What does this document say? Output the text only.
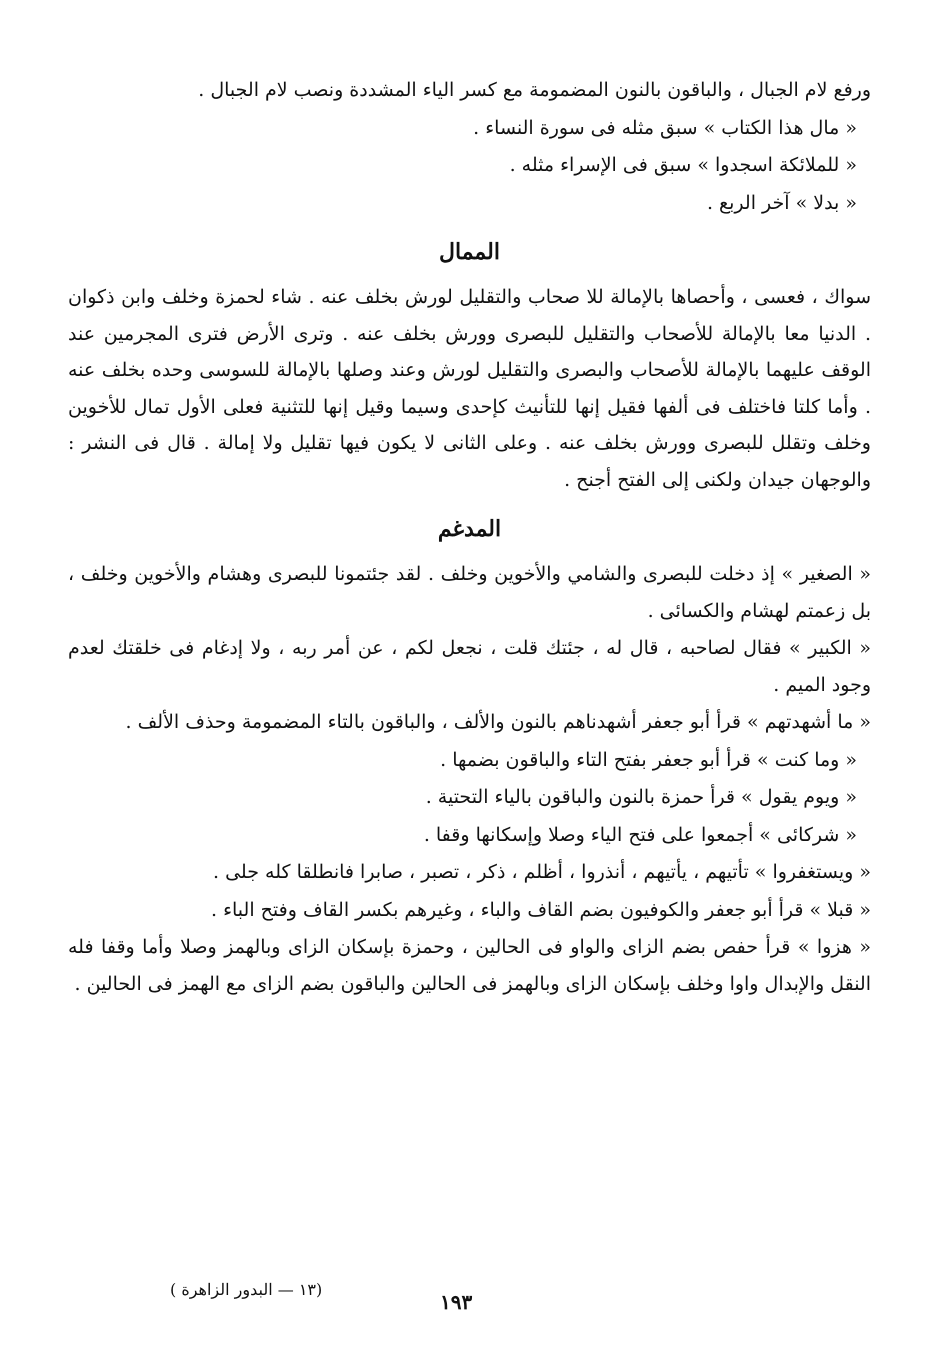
ورفع لام الجبال ، والباقون بالنون المضمومة مع كسر الياء المشددة ونصب لام الجبال .

« مال هذا الكتاب » سبق مثله فى سورة النساء .

« للملائكة اسجدوا » سبق فى الإسراء مثله .

« بدلا » آخر الربع .

الممال

سواك ، فعسى ، وأحصاها بالإمالة للا صحاب والتقليل لورش بخلف عنه . شاء لحمزة وخلف وابن ذكوان . الدنيا معا بالإمالة للأصحاب والتقليل للبصرى وورش بخلف عنه . وترى الأرض فترى المجرمين عند الوقف عليهما بالإمالة للأصحاب والبصرى والتقليل لورش وعند وصلها بالإمالة للسوسى وحده بخلف عنه . وأما كلتا فاختلف فى ألفها فقيل إنها للتأنيث كإحدى وسيما وقيل إنها للتثنية فعلى الأول تمال للأخوين وخلف وتقلل للبصرى وورش بخلف عنه . وعلى الثانى لا يكون فيها تقليل ولا إمالة . قال فى النشر : والوجهان جيدان ولكنى إلى الفتح أجنح .

المدغم

« الصغير » إذ دخلت للبصرى والشامي والأخوين وخلف . لقد جئتمونا للبصرى وهشام والأخوين وخلف ، بل زعمتم لهشام والكسائى .

« الكبير » فقال لصاحبه ، قال له ، جئتك قلت ، نجعل لكم ، عن أمر ربه ، ولا إدغام فى خلقتك لعدم وجود الميم .

« ما أشهدتهم » قرأ أبو جعفر أشهدناهم بالنون والألف ، والباقون بالتاء المضمومة وحذف الألف .

« وما كنت » قرأ أبو جعفر بفتح التاء والباقون بضمها .

« ويوم يقول » قرأ حمزة بالنون والباقون بالياء التحتية .

« شركائى » أجمعوا على فتح الياء وصلا وإسكانها وقفا .

« ويستغفروا » تأتيهم ، يأتيهم ، أنذروا ، أظلم ، ذكر ، تصبر ، صابرا فانطلقا كله جلى .

« قبلا » قرأ أبو جعفر والكوفيون بضم القاف والباء ، وغيرهم بكسر القاف وفتح الباء .

« هزوا » قرأ حفص بضم الزاى والواو فى الحالين ، وحمزة بإسكان الزاى وبالهمز وصلا وأما وقفا فله النقل والإبدال واوا وخلف بإسكان الزاى وبالهمز فى الحالين والباقون بضم الزاى مع الهمز فى الحالين .

١٩٣
(١٣ — البدور الزاهرة )
